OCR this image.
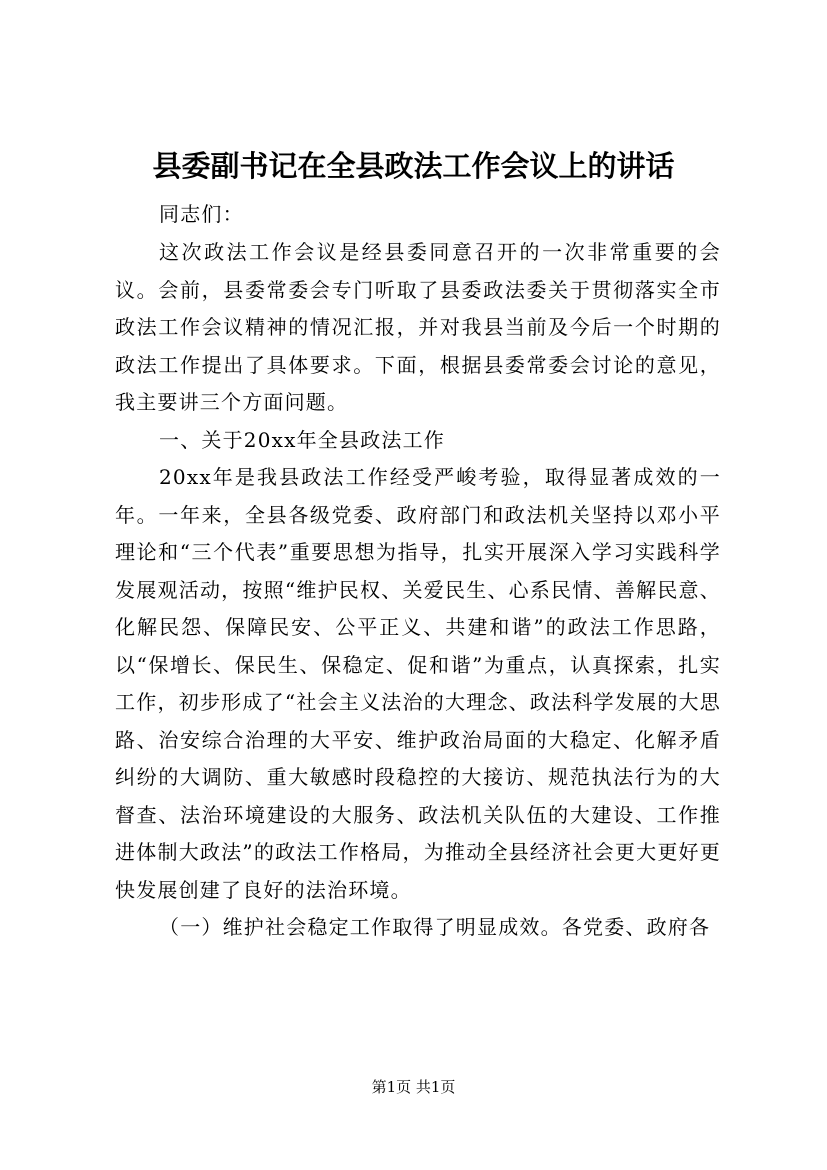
县委副书记在全县政法工作会议上的讲话
同志们：

这次政法工作会议是经县委同意召开的一次非常重要的会议。会前，县委常委会专门听取了县委政法委关于贯彻落实全市政法工作会议精神的情况汇报，并对我县当前及今后一个时期的政法工作提出了具体要求。下面，根据县委常委会讨论的意见，我主要讲三个方面问题。

一、关于20xx年全县政法工作

20xx年是我县政法工作经受严峻考验，取得显著成效的一年。一年来，全县各级党委、政府部门和政法机关坚持以邓小平理论和“三个代表”重要思想为指导，扎实开展深入学习实践科学发展观活动，按照“维护民权、关爱民生、心系民情、善解民意、化解民怨、保障民安、公平正义、共建和谐”的政法工作思路，以“保增长、保民生、保稳定、促和谐”为重点，认真探索，扎实工作，初步形成了“社会主义法治的大理念、政法科学发展的大思路、治安综合治理的大平安、维护政治局面的大稳定、化解矛盾纠纷的大调防、重大敏感时段稳控的大接访、规范执法行为的大督查、法治环境建设的大服务、政法机关队伍的大建设、工作推进体制大政法”的政法工作格局，为推动全县经济社会更大更好更快发展创建了良好的法治环境。

（一）维护社会稳定工作取得了明显成效。各党委、政府各

第1页 共1页
